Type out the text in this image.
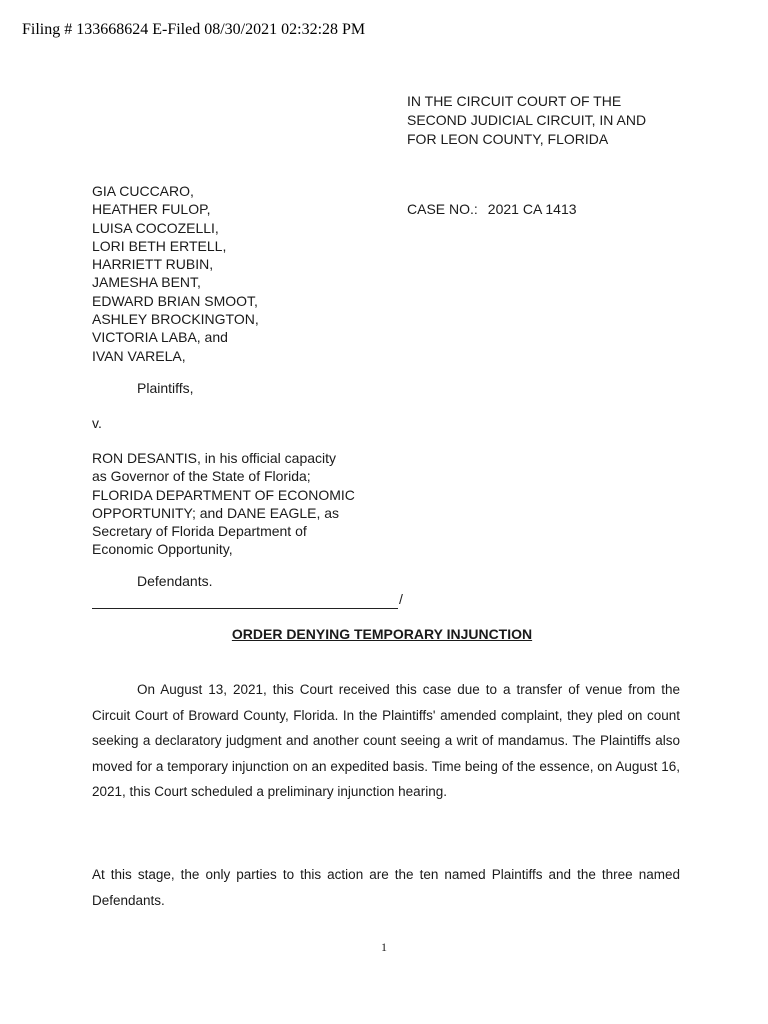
Filing # 133668624 E-Filed 08/30/2021 02:32:28 PM
IN THE CIRCUIT COURT OF THE
SECOND JUDICIAL CIRCUIT, IN AND
FOR LEON COUNTY, FLORIDA
GIA CUCCARO,
HEATHER FULOP,
LUISA COCOZELLI,
LORI BETH ERTELL,
HARRIETT RUBIN,
JAMESHA BENT,
EDWARD BRIAN SMOOT,
ASHLEY BROCKINGTON,
VICTORIA LABA, and
IVAN VARELA,
CASE NO.: 2021 CA 1413
Plaintiffs,
v.
RON DESANTIS, in his official capacity
as Governor of the State of Florida;
FLORIDA DEPARTMENT OF ECONOMIC
OPPORTUNITY; and DANE EAGLE, as
Secretary of Florida Department of
Economic Opportunity,
Defendants.
/
ORDER DENYING TEMPORARY INJUNCTION

On August 13, 2021, this Court received this case due to a transfer of venue from the Circuit Court of Broward County, Florida. In the Plaintiffs' amended complaint, they pled on count seeking a declaratory judgment and another count seeing a writ of mandamus. The Plaintiffs also moved for a temporary injunction on an expedited basis. Time being of the essence, on August 16, 2021, this Court scheduled a preliminary injunction hearing.

At this stage, the only parties to this action are the ten named Plaintiffs and the three named Defendants.

1
